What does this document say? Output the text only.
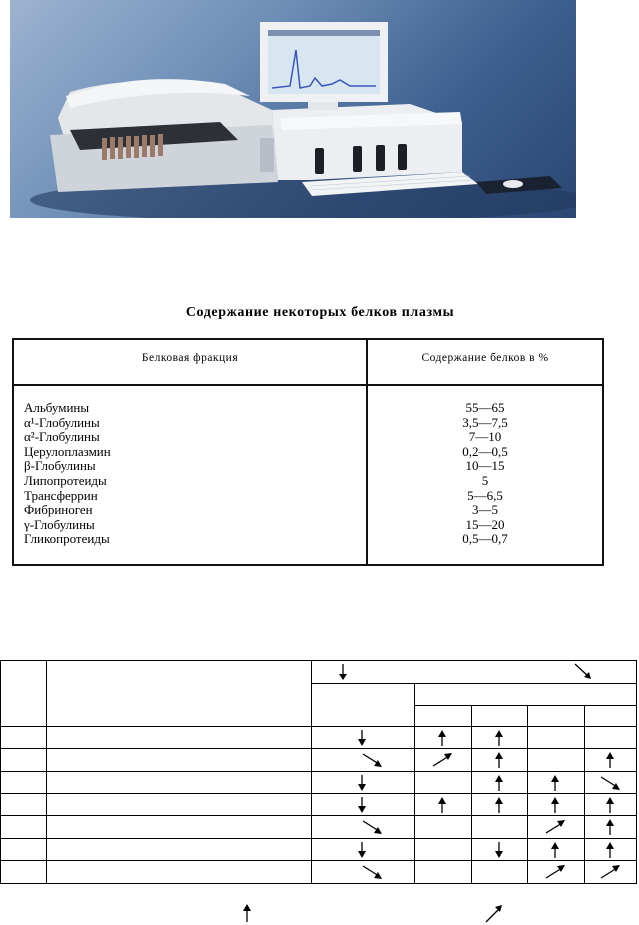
Содержание некоторых белков плазмы
Белковая фракция	Содержание белков в %
Альбумины
α¹-Глобулины
α²-Глобулины
Церулоплазмин
β-Глобулины
Липопротеиды
Трансферрин
Фибриноген
γ-Глобулины
Гликопротеиды
55—65
3,5—7,5
7—10
0,2—0,5
10—15
5
5—6,5
3—5
15—20
0,5—0,7
